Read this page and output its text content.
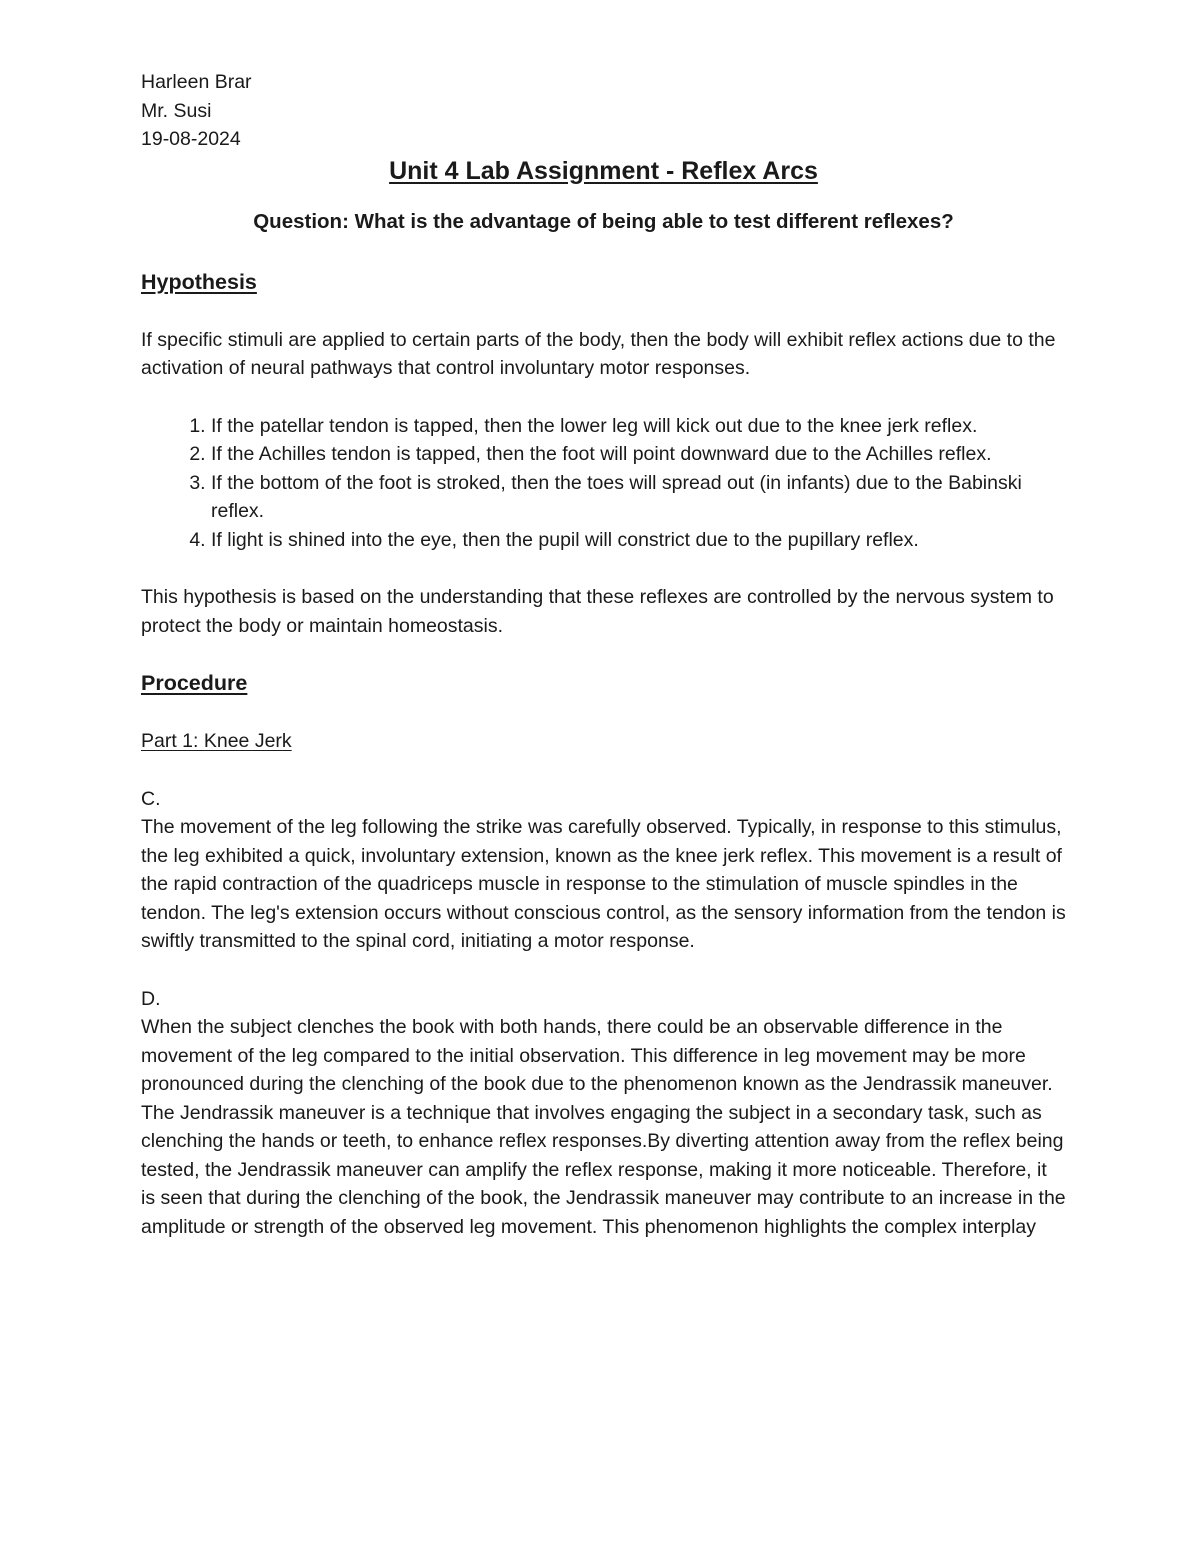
Harleen Brar

Mr. Susi

19-08-2024

Unit 4 Lab Assignment - Reflex Arcs

Question: What is the advantage of being able to test different reflexes?

Hypothesis

If specific stimuli are applied to certain parts of the body, then the body will exhibit reflex actions due to the activation of neural pathways that control involuntary motor responses.

1. If the patellar tendon is tapped, then the lower leg will kick out due to the knee jerk reflex.
2. If the Achilles tendon is tapped, then the foot will point downward due to the Achilles reflex.
3. If the bottom of the foot is stroked, then the toes will spread out (in infants) due to the Babinski reflex.
4. If light is shined into the eye, then the pupil will constrict due to the pupillary reflex.

This hypothesis is based on the understanding that these reflexes are controlled by the nervous system to protect the body or maintain homeostasis.

Procedure

Part 1: Knee Jerk

C.

The movement of the leg following the strike was carefully observed. Typically, in response to this stimulus, the leg exhibited a quick, involuntary extension, known as the knee jerk reflex. This movement is a result of the rapid contraction of the quadriceps muscle in response to the stimulation of muscle spindles in the tendon. The leg's extension occurs without conscious control, as the sensory information from the tendon is swiftly transmitted to the spinal cord, initiating a motor response.

D.

When the subject clenches the book with both hands, there could be an observable difference in the movement of the leg compared to the initial observation. This difference in leg movement may be more pronounced during the clenching of the book due to the phenomenon known as the Jendrassik maneuver. The Jendrassik maneuver is a technique that involves engaging the subject in a secondary task, such as clenching the hands or teeth, to enhance reflex responses.By diverting attention away from the reflex being tested, the Jendrassik maneuver can amplify the reflex response, making it more noticeable. Therefore, it is seen that during the clenching of the book, the Jendrassik maneuver may contribute to an increase in the amplitude or strength of the observed leg movement. This phenomenon highlights the complex interplay
